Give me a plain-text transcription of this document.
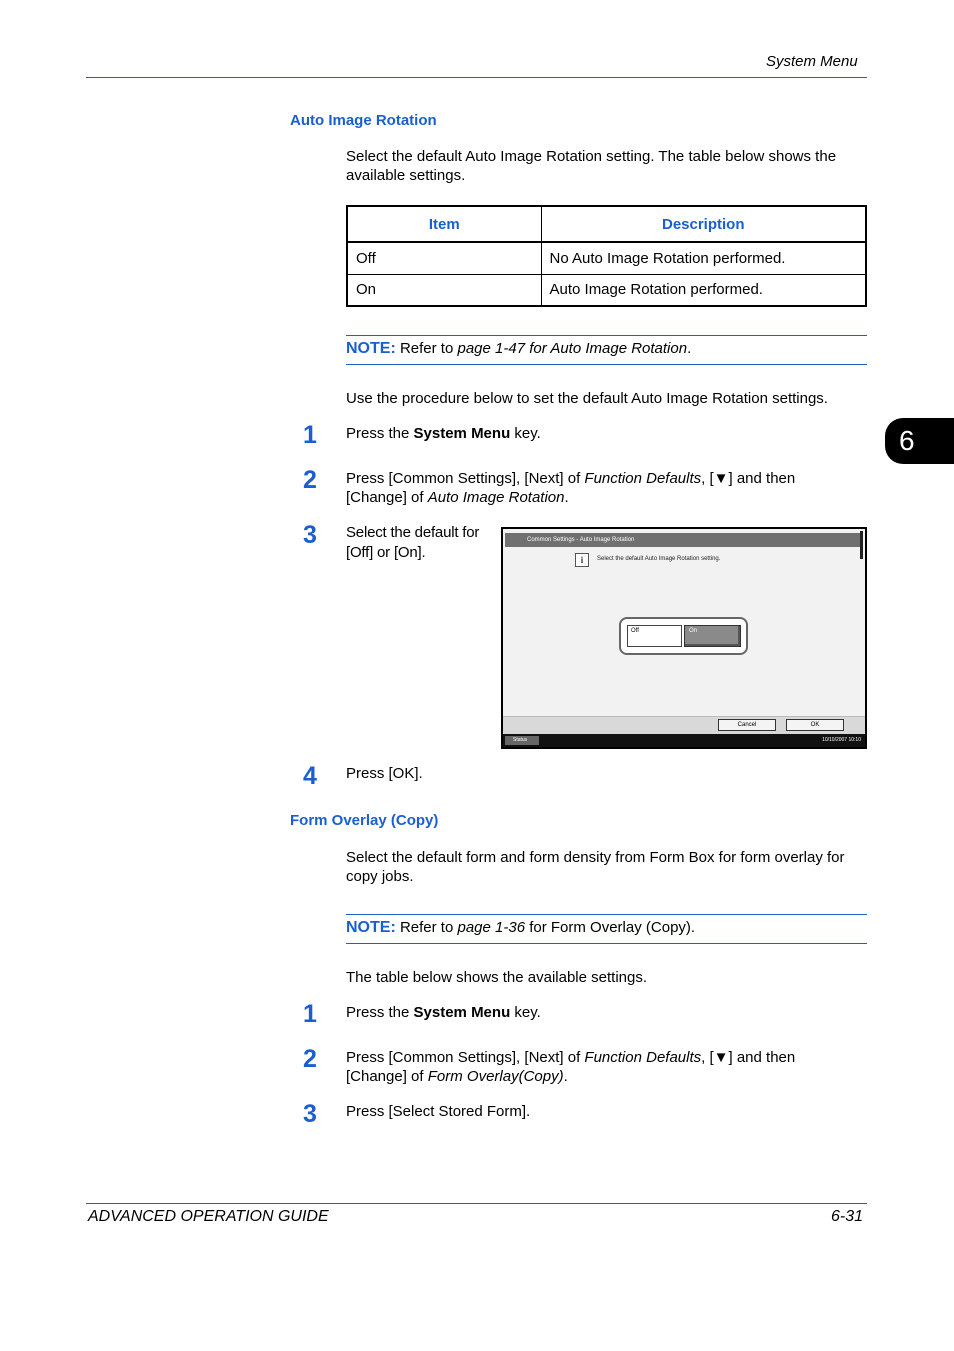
System Menu
6
Auto Image Rotation
Select the default Auto Image Rotation setting. The table below shows the available settings.
Item	Description
Off	No Auto Image Rotation performed.
On	Auto Image Rotation performed.
NOTE: Refer to page 1-47 for Auto Image Rotation.
Use the procedure below to set the default Auto Image Rotation settings.
1	Press the System Menu key.
2	Press [Common Settings], [Next] of Function Defaults, [▼] and then
[Change] of Auto Image Rotation.
3	Select the default for
[Off] or [On].
Common Settings - Auto Image Rotation
i	Select the default Auto Image Rotation setting.
Off	On
Cancel	OK
Status	10/10/2007 10:10
4	Press [OK].
Form Overlay (Copy)
Select the default form and form density from Form Box for form overlay for copy jobs.
NOTE: Refer to page 1-36 for Form Overlay (Copy).
The table below shows the available settings.
1	Press the System Menu key.
2	Press [Common Settings], [Next] of Function Defaults, [▼] and then
[Change] of Form Overlay(Copy).
3	Press [Select Stored Form].
ADVANCED OPERATION GUIDE	6-31
